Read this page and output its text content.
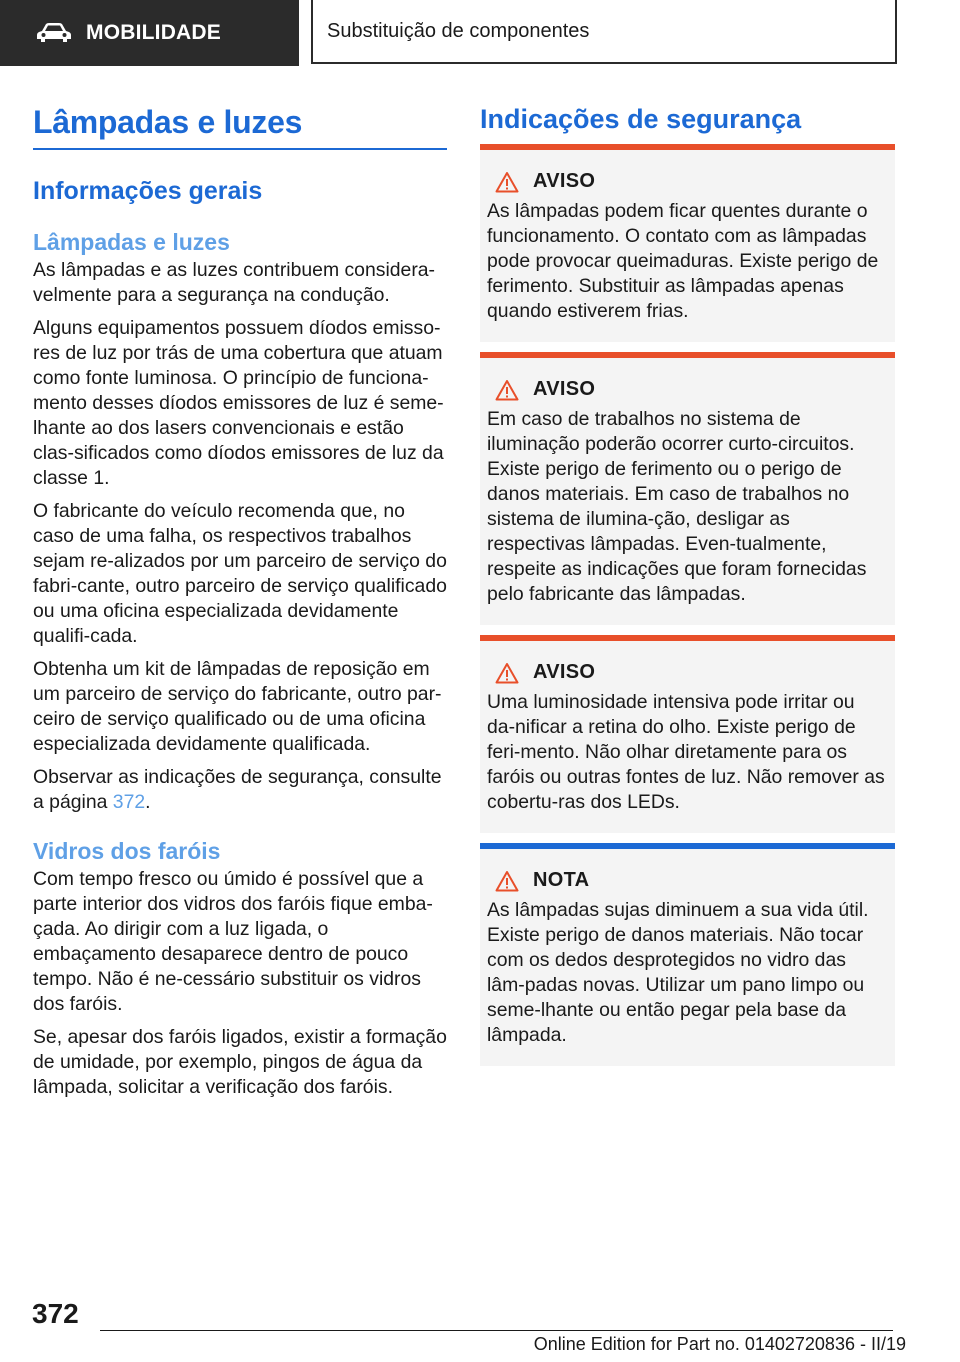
MOBILIDADE	Substituição de componentes
Lâmpadas e luzes
Informações gerais
Lâmpadas e luzes

As lâmpadas e as luzes contribuem considera-velmente para a segurança na condução.

Alguns equipamentos possuem díodos emisso-res de luz por trás de uma cobertura que atuam como fonte luminosa. O princípio de funciona-mento desses díodos emissores de luz é seme-lhante ao dos lasers convencionais e estão clas-sificados como díodos emissores de luz da classe 1.

O fabricante do veículo recomenda que, no caso de uma falha, os respectivos trabalhos sejam re-alizados por um parceiro de serviço do fabri-cante, outro parceiro de serviço qualificado ou uma oficina especializada devidamente qualifi-cada.

Obtenha um kit de lâmpadas de reposição em um parceiro de serviço do fabricante, outro par-ceiro de serviço qualificado ou de uma oficina especializada devidamente qualificada.

Observar as indicações de segurança, consulte a página 372.

Vidros dos faróis

Com tempo fresco ou úmido é possível que a parte interior dos vidros dos faróis fique emba-çada. Ao dirigir com a luz ligada, o embaçamento desaparece dentro de pouco tempo. Não é ne-cessário substituir os vidros dos faróis.

Se, apesar dos faróis ligados, existir a formação de umidade, por exemplo, pingos de água da lâmpada, solicitar a verificação dos faróis.

Indicações de segurança
AVISO

As lâmpadas podem ficar quentes durante o funcionamento. O contato com as lâmpadas pode provocar queimaduras. Existe perigo de ferimento. Substituir as lâmpadas apenas quando estiverem frias.

AVISO

Em caso de trabalhos no sistema de iluminação poderão ocorrer curto-circuitos. Existe perigo de ferimento ou o perigo de danos materiais. Em caso de trabalhos no sistema de ilumina-ção, desligar as respectivas lâmpadas. Even-tualmente, respeite as indicações que foram fornecidas pelo fabricante das lâmpadas.

AVISO

Uma luminosidade intensiva pode irritar ou da-nificar a retina do olho. Existe perigo de feri-mento. Não olhar diretamente para os faróis ou outras fontes de luz. Não remover as cobertu-ras dos LEDs.

NOTA

As lâmpadas sujas diminuem a sua vida útil. Existe perigo de danos materiais. Não tocar com os dedos desprotegidos no vidro das lâm-padas novas. Utilizar um pano limpo ou seme-lhante ou então pegar pela base da lâmpada.

372
Online Edition for Part no. 01402720836 - II/19
